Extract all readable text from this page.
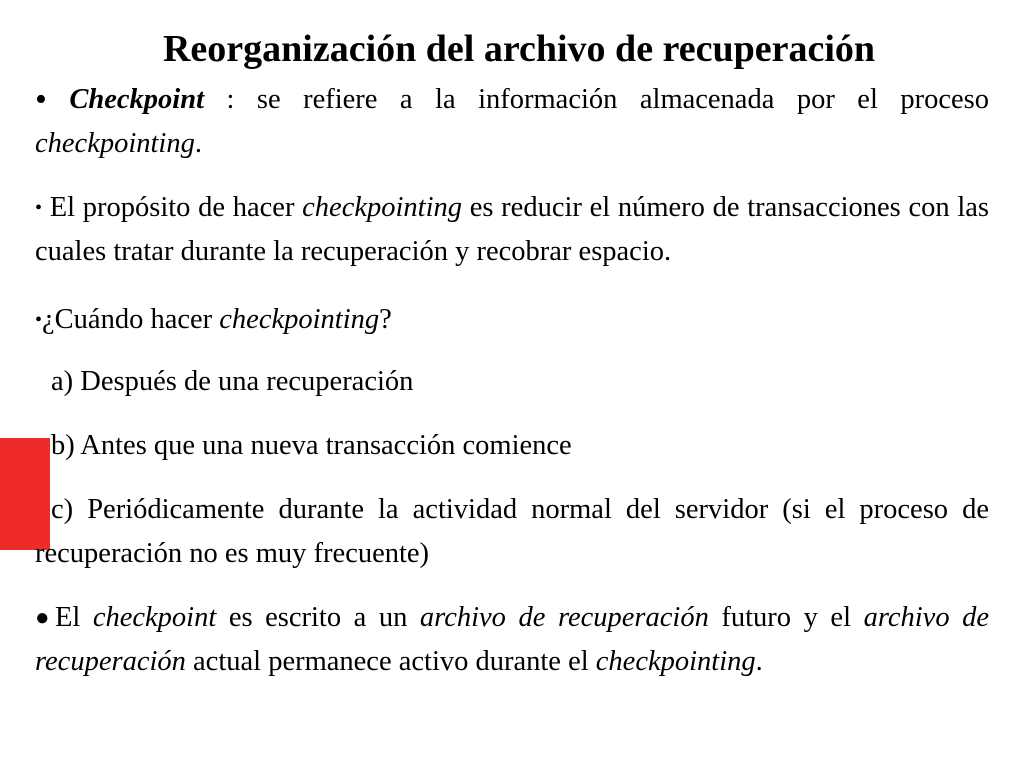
Reorganización del archivo de recuperación

• Checkpoint : se refiere a la información almacenada por el proceso checkpointing.

• El propósito de hacer checkpointing es reducir el número de transacciones con las cuales tratar durante la recuperación y recobrar espacio.

•¿Cuándo hacer checkpointing?

a) Después de una recuperación

b) Antes que una nueva transacción comience

c) Periódicamente durante la actividad normal del servidor (si el proceso de recuperación no es muy frecuente)

●El checkpoint es escrito a un archivo de recuperación futuro y el archivo de recuperación actual permanece activo durante el checkpointing.
